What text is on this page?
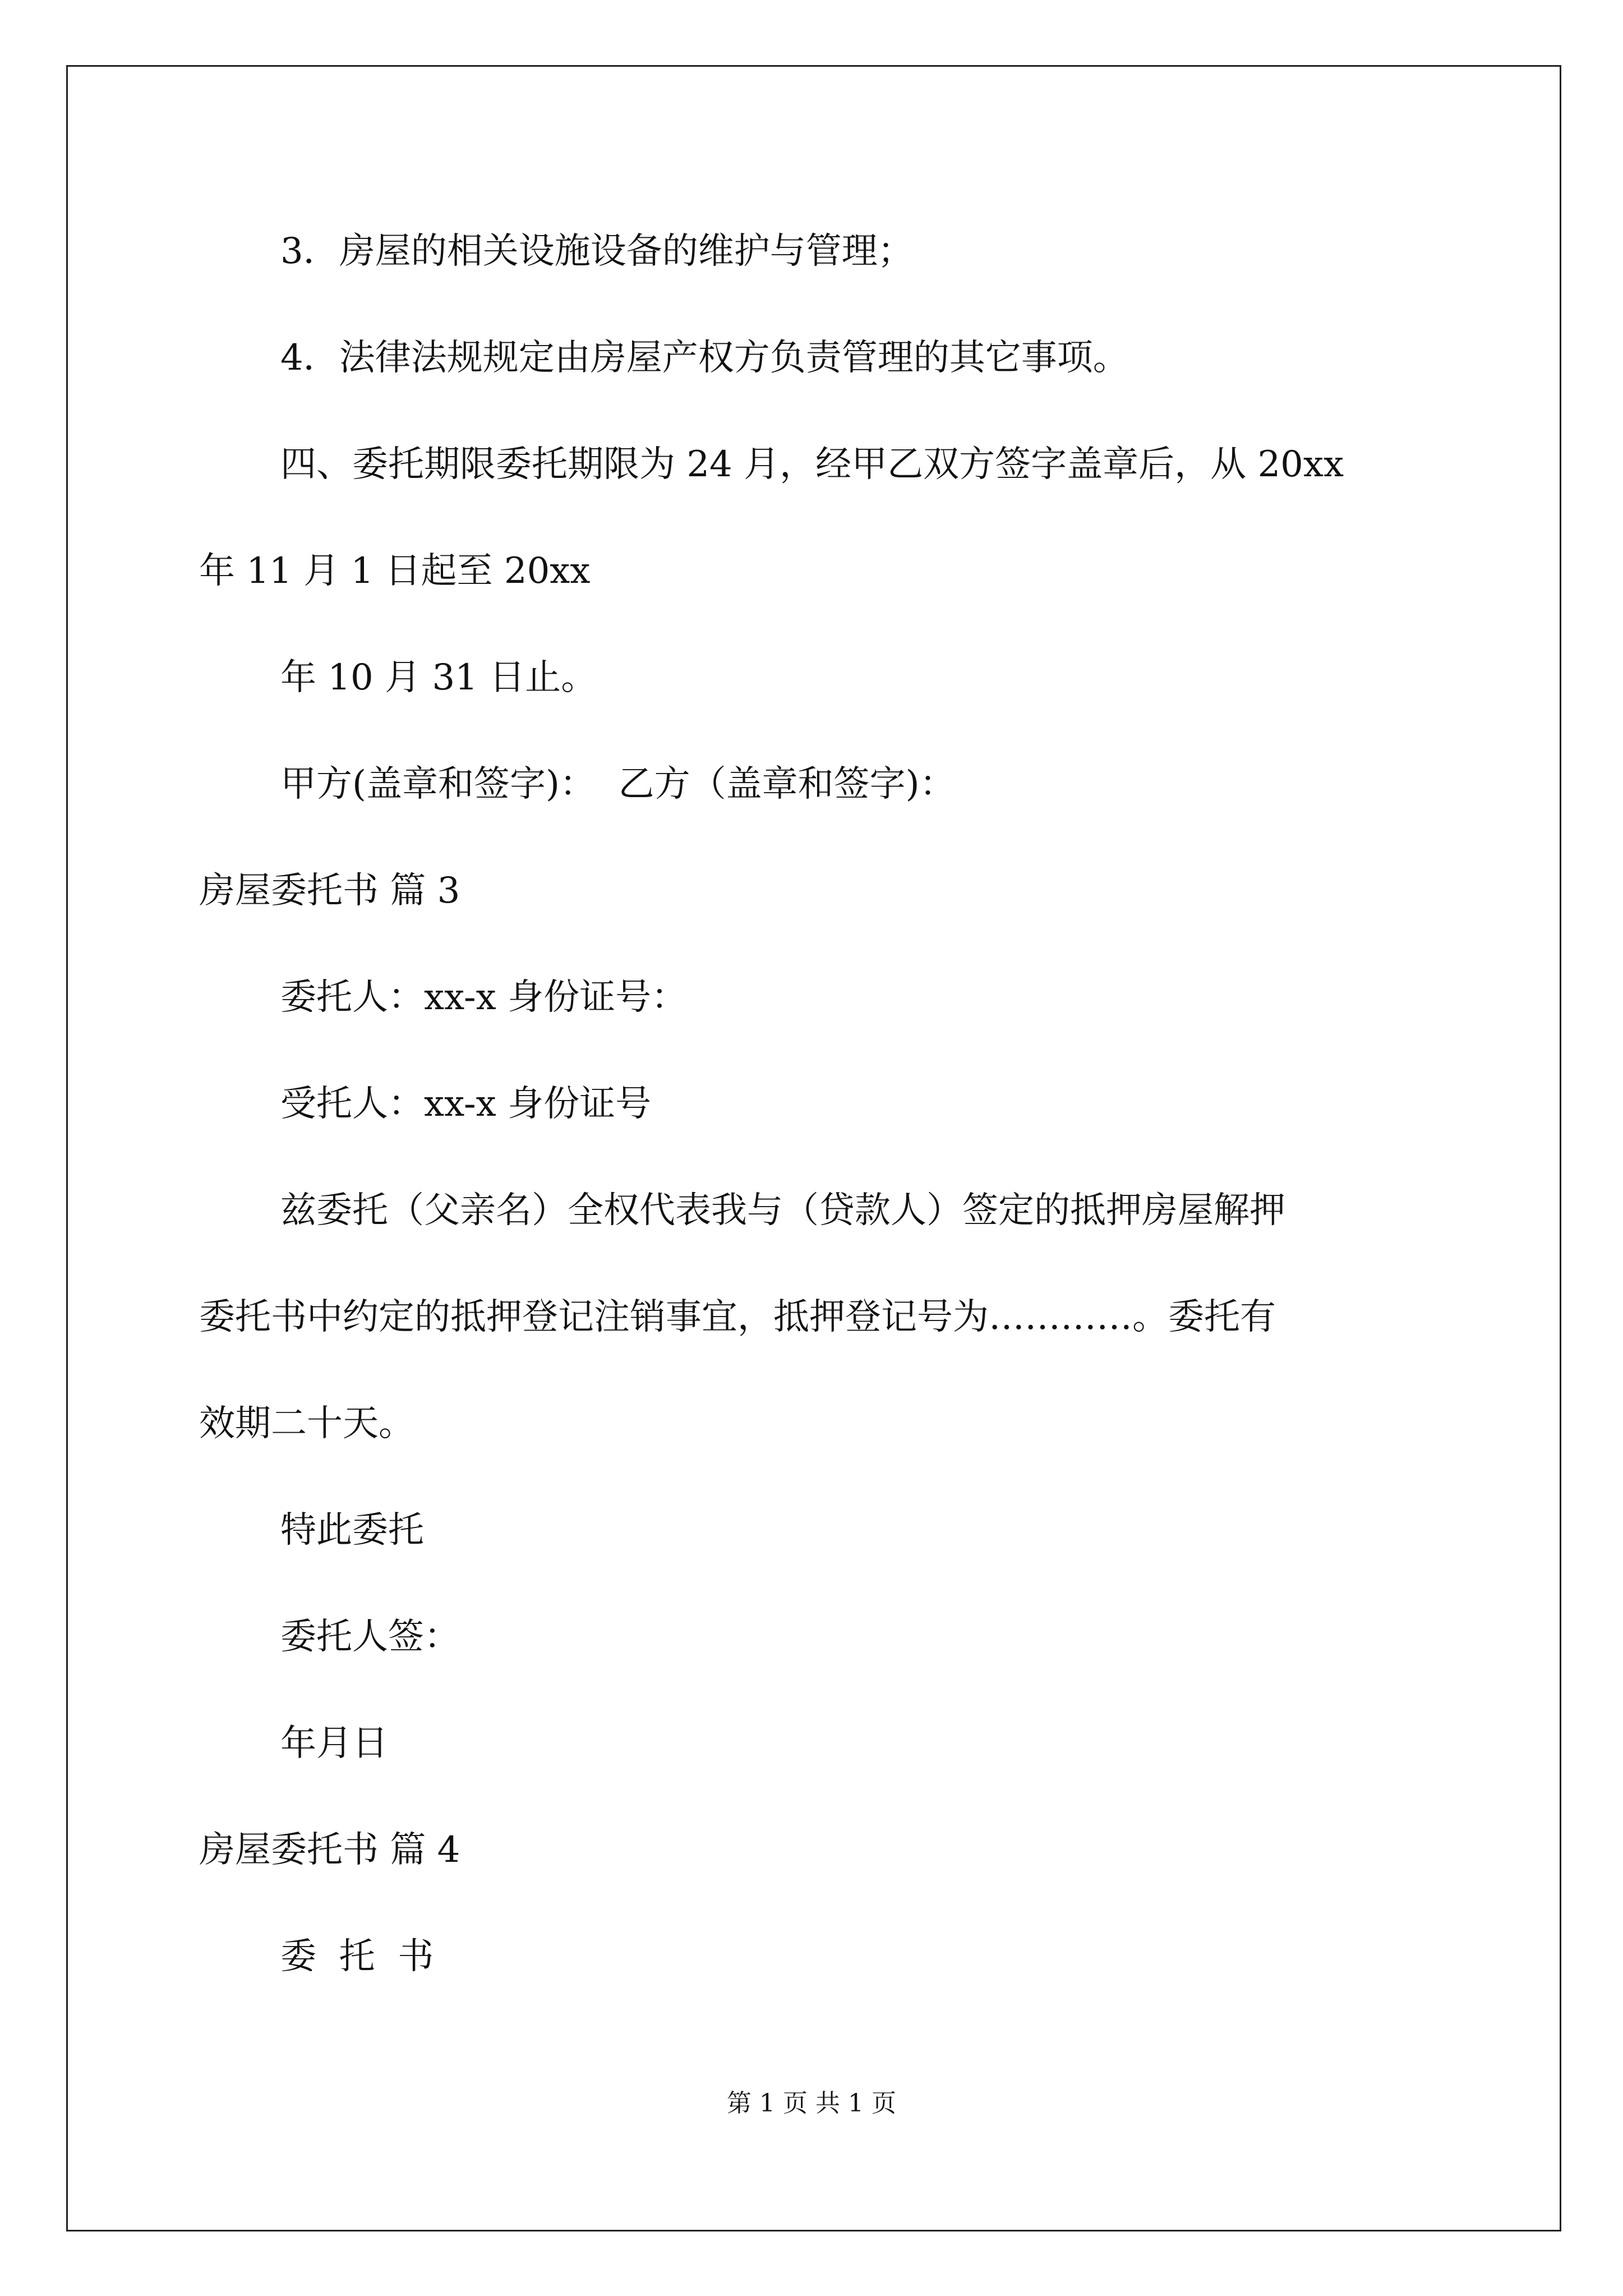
3．房屋的相关设施设备的维护与管理；
4．法律法规规定由房屋产权方负责管理的其它事项。
四、委托期限委托期限为 24 月，经甲乙双方签字盖章后，从 20xx
年 11 月 1 日起至 20xx
年 10 月 31 日止。
甲方(盖章和签字)：  乙方（盖章和签字)：
房屋委托书 篇 3
委托人：xx-x 身份证号：
受托人：xx-x 身份证号
兹委托（父亲名）全权代表我与（贷款人）签定的抵押房屋解押
委托书中约定的抵押登记注销事宜，抵押登记号为…………。委托有
效期二十天。
特此委托
委托人签：
年月日
房屋委托书 篇 4
委  托  书
第 1 页 共 1 页
